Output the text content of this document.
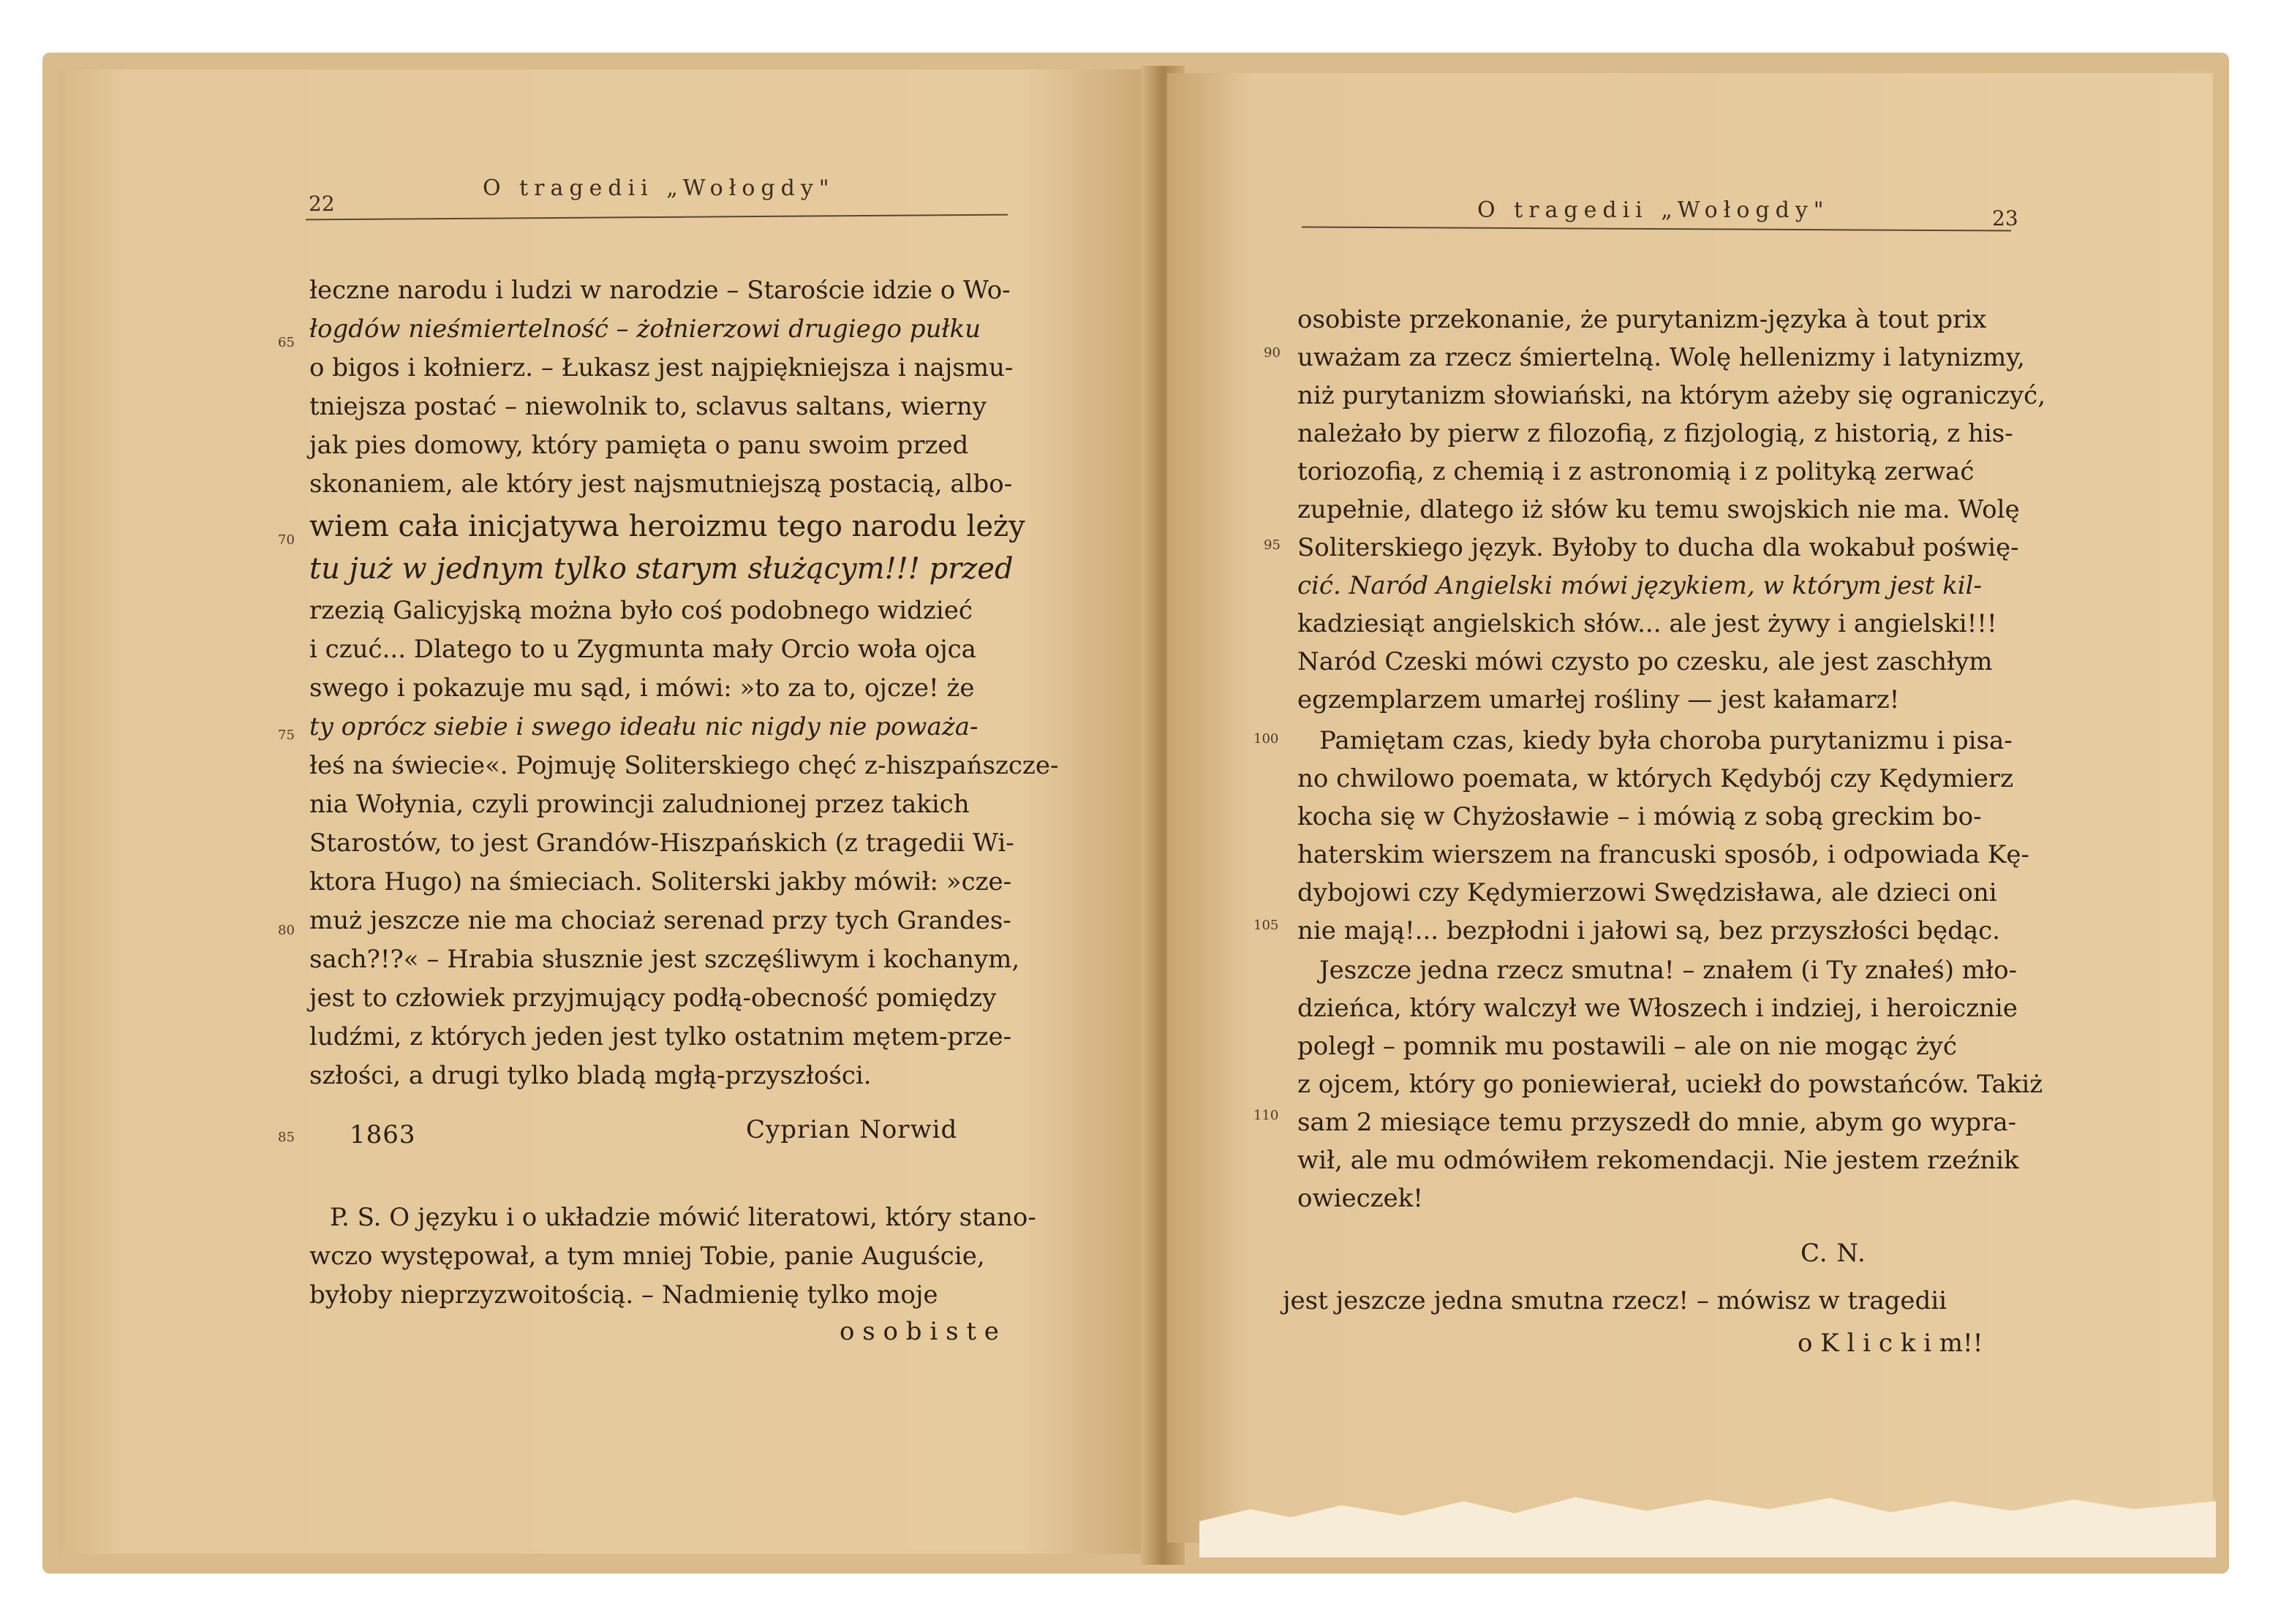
22
O tragedii „Wołogdy"
65
70
75
80
85
łeczne narodu i ludzi w narodzie – Staroście idzie o Wo-
łogdów nieśmiertelność – żołnierzowi drugiego pułku
o bigos i kołnierz. – Łukasz jest najpiękniejsza i najsmu-
tniejsza postać – niewolnik to, sclavus saltans, wierny
jak pies domowy, który pamięta o panu swoim przed
skonaniem, ale który jest najsmutniejszą postacią, albo-
wiem cała inicjatywa heroizmu tego narodu leży
tu już w jednym tylko starym służącym!!! przed
rzezią Galicyjską można było coś podobnego widzieć
i czuć... Dlatego to u Zygmunta mały Orcio woła ojca
swego i pokazuje mu sąd, i mówi: »to za to, ojcze! że
ty oprócz siebie i swego ideału nic nigdy nie poważa-
łeś na świecie«. Pojmuję Soliterskiego chęć z-hiszpańszcze-
nia Wołynia, czyli prowincji zaludnionej przez takich
Starostów, to jest Grandów-Hiszpańskich (z tragedii Wi-
ktora Hugo) na śmieciach. Soliterski jakby mówił: »cze-
muż jeszcze nie ma chociaż serenad przy tych Grandes-
sach?!?« – Hrabia słusznie jest szczęśliwym i kochanym,
jest to człowiek przyjmujący podłą-obecność pomiędzy
ludźmi, z których jeden jest tylko ostatnim mętem-prze-
szłości, a drugi tylko bladą mgłą-przyszłości.
1863	Cyprian Norwid
P. S. O języku i o układzie mówić literatowi, który stano-
wczo występował, a tym mniej Tobie, panie Auguście,
byłoby nieprzyzwoitością. – Nadmienię tylko moje
o s o b i s t e
O tragedii „Wołogdy"	23
90
95
100
105
110
osobiste przekonanie, że purytanizm-języka à tout prix
uważam za rzecz śmiertelną. Wolę hellenizmy i latynizmy,
niż purytanizm słowiański, na którym ażeby się ograniczyć,
należało by pierw z filozofią, z fizjologią, z historią, z his-
toriozofią, z chemią i z astronomią i z polityką zerwać
zupełnie, dlatego iż słów ku temu swojskich nie ma. Wolę
Soliterskiego język. Byłoby to ducha dla wokabuł poświę-
cić. Naród Angielski mówi językiem, w którym jest kil-
kadziesiąt angielskich słów... ale jest żywy i angielski!!!
Naród Czeski mówi czysto po czesku, ale jest zaschłym
egzemplarzem umarłej rośliny — jest kałamarz!
Pamiętam czas, kiedy była choroba purytanizmu i pisa-
no chwilowo poemata, w których Kędybój czy Kędymierz
kocha się w Chyżosławie – i mówią z sobą greckim bo-
haterskim wierszem na francuski sposób, i odpowiada Kę-
dybojowi czy Kędymierzowi Swędzisława, ale dzieci oni
nie mają!... bezpłodni i jałowi są, bez przyszłości będąc.
Jeszcze jedna rzecz smutna! – znałem (i Ty znałeś) mło-
dzieńca, który walczył we Włoszech i indziej, i heroicznie
poległ – pomnik mu postawili – ale on nie mogąc żyć
z ojcem, który go poniewierał, uciekł do powstańców. Takiż
sam 2 miesiące temu przyszedł do mnie, abym go wypra-
wił, ale mu odmówiłem rekomendacji. Nie jestem rzeźnik
owieczek!
C. N.
jest jeszcze jedna smutna rzecz! – mówisz w tragedii
o K l i c k i m!!
